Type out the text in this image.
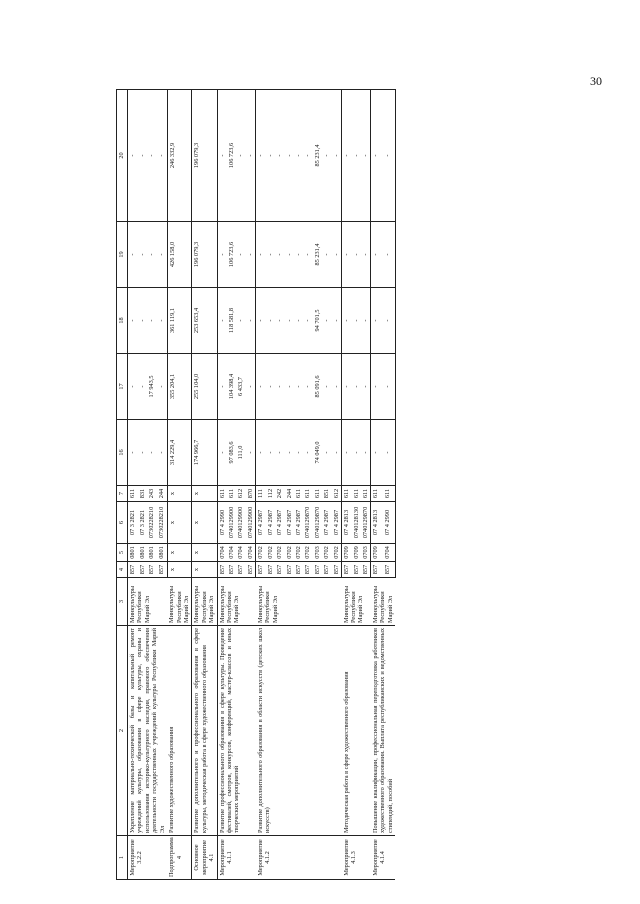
30
1	2	3	4	5	6	7	16	17	18	19	20
Мероприятие 3.2.2	Укрепление материально-технической базы и капитальный ремонт учреждений культуры, образования в сфере культуры, охраны и использования историко-культурного наследия, правового обеспечения деятельности государственных учреждений культуры Республики Марий Эл	Минкультуры Республики Марий Эл	857	0801	07 3 2821	611	-	-	-	-	-
			857	0801	07 3 2821	831	-	-	-	-	-
			857	0801	0730228210	243	-	17 943,5	-	-	-
			857	0801	0730228210	244	-	-	-	-	-
Подпрограмма 4	Развитие художественного образования	Минкультуры Республики Марий Эл	х	х	х	х	314 229,4	355 204,1	361 119,1	426 158,0	246 332,9
Основное мероприятие 4.1	Развитие дополнительного и профессионального образования в сфере культуры, методическая работа в сфере художественного образования	Минкультуры Республики Марий Эл	х	х	х	х	174 966,7	255 104,0	253 653,4	196 079,3	196 079,3
Мероприятие 4.1.1	Развитие профессионального образования в сфере культуры. Проведение фестивалей, смотров, конкурсов, конференций, мастер-классов и иных творческих мероприятий	Минкультуры Республики Марий Эл	857	0704	07 4 2990	611	-	-	-	-	-
			857	0704	0740129900	611	97 083,6	104 398,4	118 581,8	106 723,6	106 723,6
			857	0704	0740129900	612	111,0	6 433,7	-	-	-
			857	0704	0740129900	870	-	-	-	-	-
Мероприятие 4.1.2	Развитие дополнительного образования в области искусств (детских школ искусств)	Минкультуры Республики Марий Эл	857	0702	07 4 2987	111	-	-	-	-	-
			857	0702	07 4 2987	112	-	-	-	-	-
			857	0702	07 4 2987	242	-	-	-	-	-
			857	0702	07 4 2987	244	-	-	-	-	-
			857	0702	07 4 2987	611	-	-	-	-	-
			857	0702	0740129870	611	-	-	-	-	-
			857	0703	0740129870	611	74 049,0	85 091,6	94 701,5	85 231,4	85 231,4
			857	0702	07 4 2987	851	-	-	-	-	-
			857	0702	07 4 2987	612	-	-	-	-	-
Мероприятие 4.1.3	Методическая работа в сфере художественного образования	Минкультуры Республики Марий Эл	857	0709	07 4 2813	611	-	-	-	-	-
			857	0709	0740128130	611	-	-	-	-	-
			857	0703	0740129870	611	-	-	-	-	-
Мероприятие 4.1.4	Повышение квалификации, профессиональная переподготовка работников художественного образования. Выплата республиканских и ведомственных стипендий, пособий	Минкультуры Республики Марий Эл	857	0709	07 4 2813	611	-	-	-	-	-
			857	0704	07 4 2990	611	-	-	-	-	-
